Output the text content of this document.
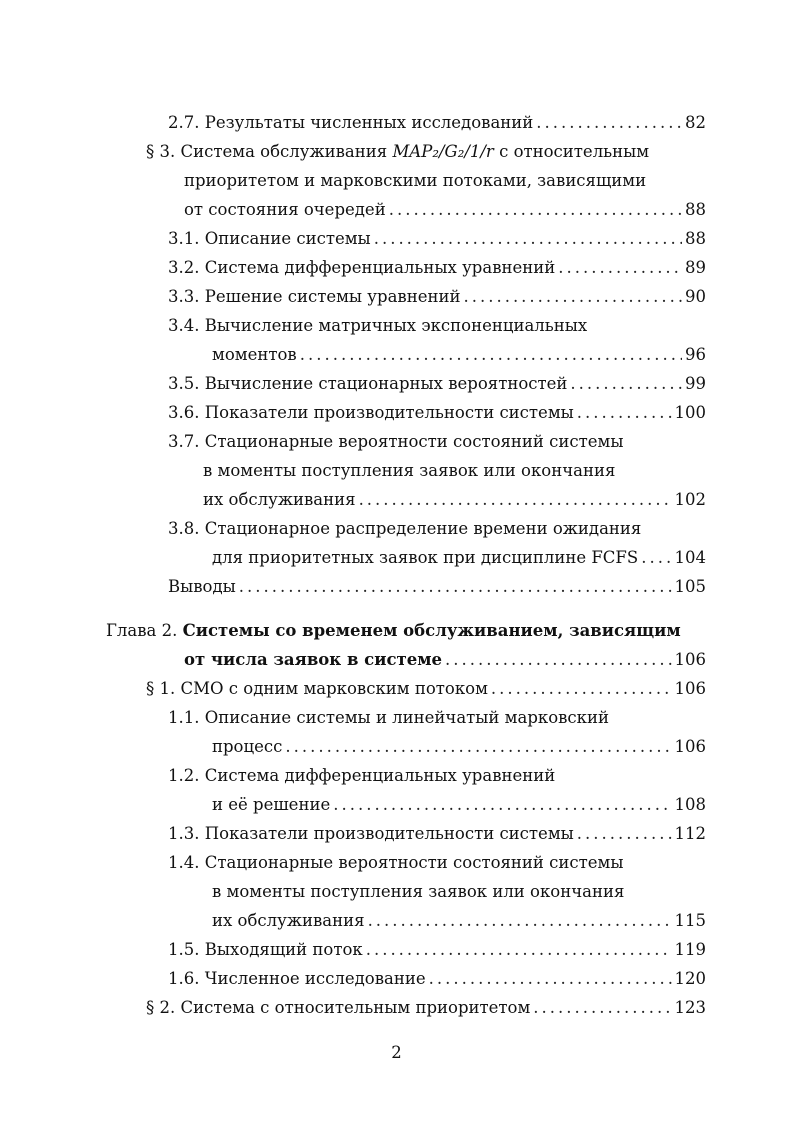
2.7. Результаты численных исследований .....	82
§ 3. Система обслуживания MAP₂/G₂/1/r с относительным
приоритетом и марковскими потоками, зависящими
от состояния очередей .....	88
3.1. Описание системы .....	88
3.2. Система дифференциальных уравнений .....	89
3.3. Решение системы уравнений .....	90
3.4. Вычисление матричных экспоненциальных
моментов .....	96
3.5. Вычисление стационарных вероятностей .....	99
3.6. Показатели производительности системы .....	100
3.7. Стационарные вероятности состояний системы
в моменты поступления заявок или окончания
их обслуживания .....	102
3.8. Стационарное распределение времени ожидания
для приоритетных заявок при дисциплине FCFS ..... 104
Выводы .....	105
Глава 2. Системы со временем обслуживанием, зависящим
от числа заявок в системе .....	106
§ 1. СМО с одним марковским потоком .....	106
1.1. Описание системы и линейчатый марковский
процесс .....	106
1.2. Система дифференциальных уравнений
и её решение .....	108
1.3. Показатели производительности системы .....	112
1.4. Стационарные вероятности состояний системы
в моменты поступления заявок или окончания
их обслуживания .....	115
1.5. Выходящий поток .....	119
1.6. Численное исследование .....	120
§ 2. Система с относительным приоритетом .....	123
2
